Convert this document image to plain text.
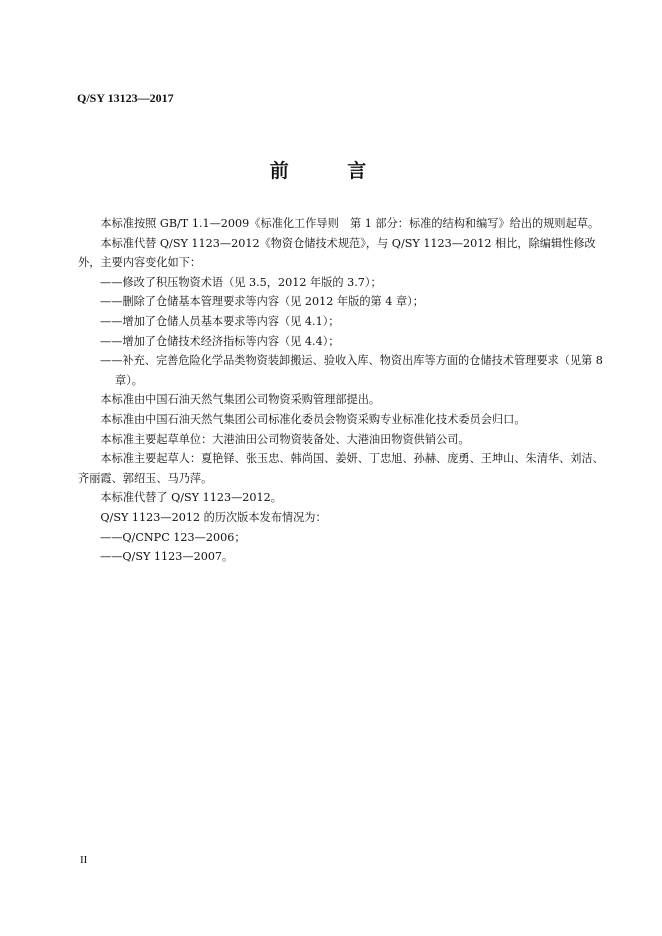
Q/SY 13123—2017
前 言

本标准按照 GB/T 1.1—2009《标准化工作导则　第 1 部分：标准的结构和编写》给出的规则起草。

本标准代替 Q/SY 1123—2012《物资仓储技术规范》，与 Q/SY 1123—2012 相比，除编辑性修改外，主要内容变化如下：

——修改了积压物资术语（见 3.5，2012 年版的 3.7）；

——删除了仓储基本管理要求等内容（见 2012 年版的第 4 章）；

——增加了仓储人员基本要求等内容（见 4.1）；

——增加了仓储技术经济指标等内容（见 4.4）；

——补充、完善危险化学品类物资装卸搬运、验收入库、物资出库等方面的仓储技术管理要求（见第 8 章）。

本标准由中国石油天然气集团公司物资采购管理部提出。

本标准由中国石油天然气集团公司标准化委员会物资采购专业标准化技术委员会归口。

本标准主要起草单位：大港油田公司物资装备处、大港油田物资供销公司。

本标准主要起草人：夏艳铎、张玉忠、韩尚国、姜妍、丁忠旭、孙赫、庞勇、王坤山、朱清华、刘洁、齐丽霞、郭绍玉、马乃萍。

本标准代替了 Q/SY 1123—2012。

Q/SY 1123—2012 的历次版本发布情况为：

——Q/CNPC 123—2006；

——Q/SY 1123—2007。

II
